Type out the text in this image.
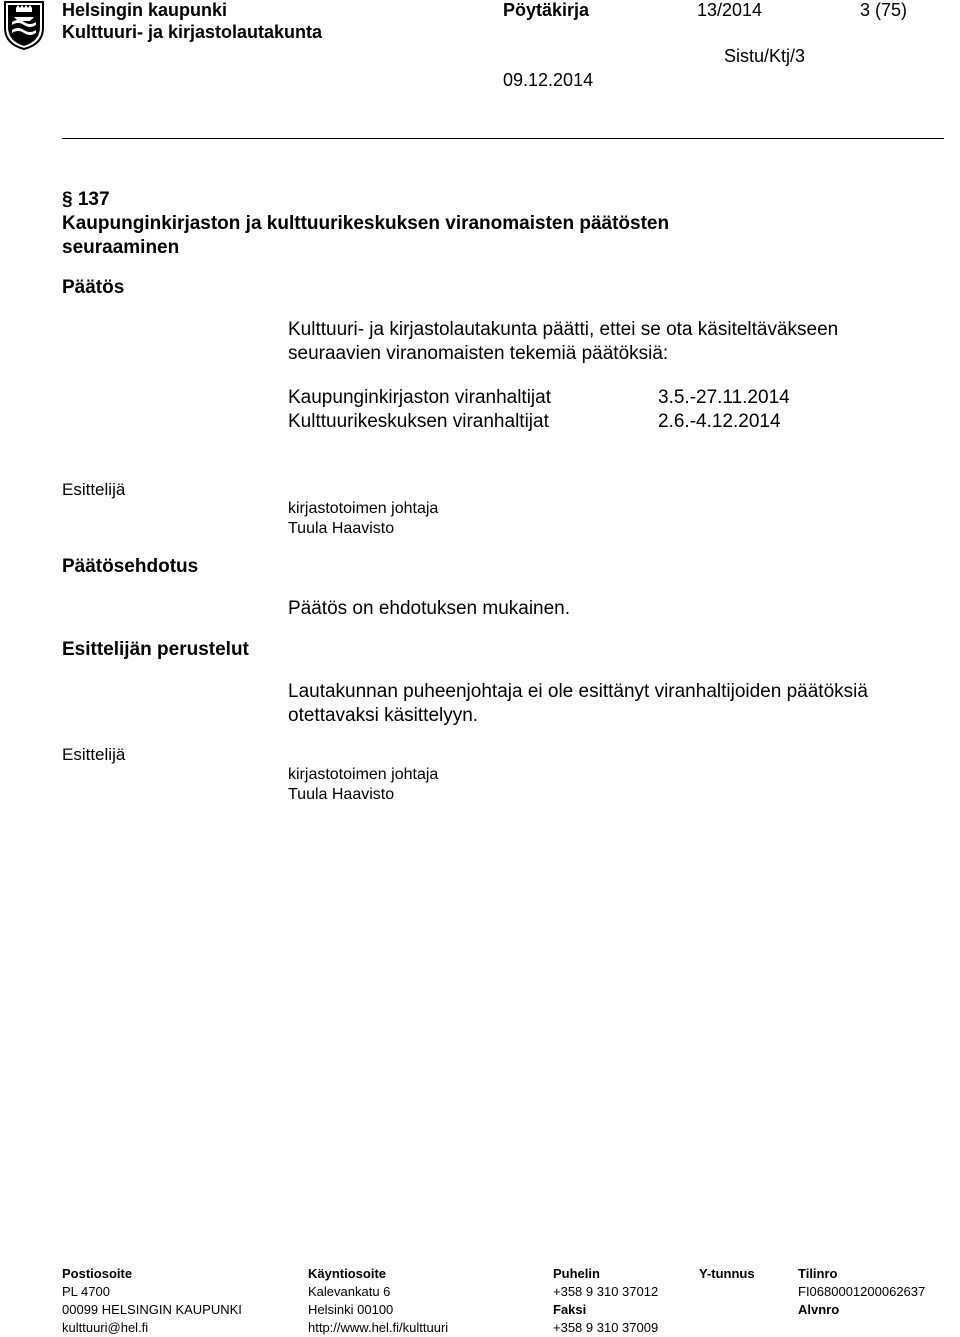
Helsingin kaupunki
Kulttuuri- ja kirjastolautakunta
Pöytäkirja	13/2014	3 (75)
Sistu/Ktj/3
09.12.2014
§ 137
Kaupunginkirjaston ja kulttuurikeskuksen viranomaisten päätösten
seuraaminen
Päätös
Kulttuuri- ja kirjastolautakunta päätti, ettei se ota käsiteltäväkseen
seuraavien viranomaisten tekemiä päätöksiä:
Kaupunginkirjaston viranhaltijat	3.5.-27.11.2014
Kulttuurikeskuksen viranhaltijat	2.6.-4.12.2014
Esittelijä
kirjastotoimen johtaja
Tuula Haavisto
Päätösehdotus
Päätös on ehdotuksen mukainen.
Esittelijän perustelut
Lautakunnan puheenjohtaja ei ole esittänyt viranhaltijoiden päätöksiä
otettavaksi käsittelyyn.
Esittelijä
kirjastotoimen johtaja
Tuula Haavisto
Postiosoite
PL 4700
00099 HELSINGIN KAUPUNKI
kulttuuri@hel.fi
Käyntiosoite
Kalevankatu 6
Helsinki 00100
http://www.hel.fi/kulttuuri
Puhelin
+358 9 310 37012
Faksi
+358 9 310 37009
Y-tunnus	Tilinro
FI0680001200062637
Alvnro
